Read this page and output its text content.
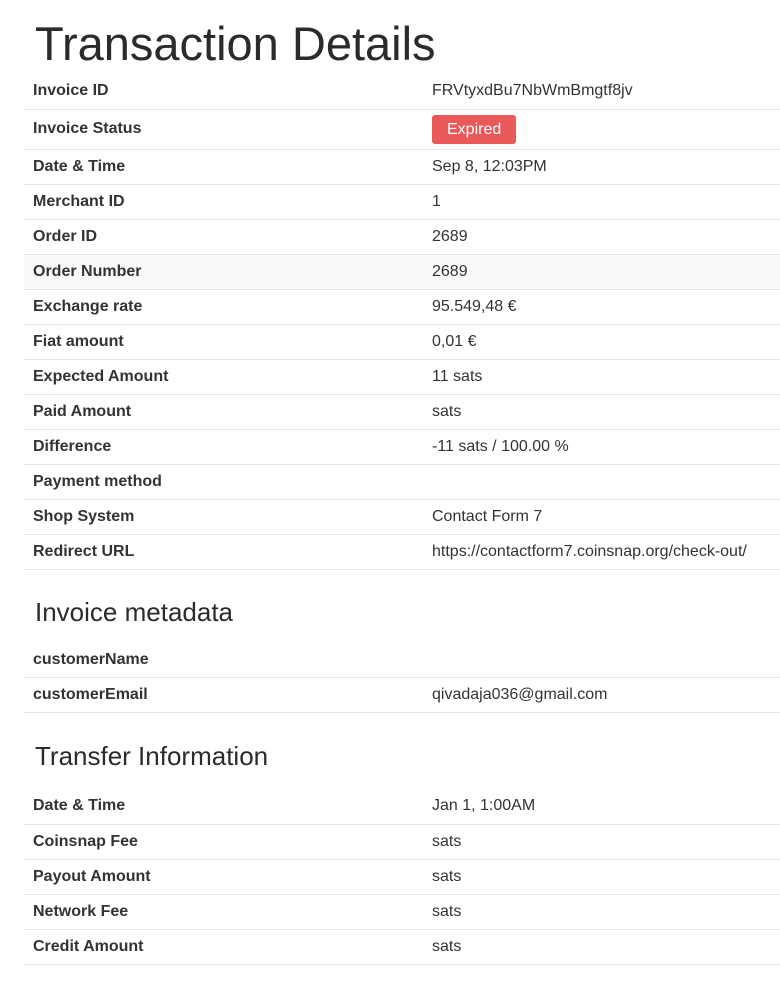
Transaction Details
Invoice ID	FRVtyxdBu7NbWmBmgtf8jv
Invoice Status	Expired
Date & Time	Sep 8, 12:03PM
Merchant ID	1
Order ID	2689
Order Number	2689
Exchange rate	95.549,48 €
Fiat amount	0,01 €
Expected Amount	11 sats
Paid Amount	sats
Difference	-11 sats / 100.00 %
Payment method	
Shop System	Contact Form 7
Redirect URL	https://contactform7.coinsnap.org/check-out/
Invoice metadata
customerName	
customerEmail	qivadaja036@gmail.com
Transfer Information
Date & Time	Jan 1, 1:00AM
Coinsnap Fee	sats
Payout Amount	sats
Network Fee	sats
Credit Amount	sats
